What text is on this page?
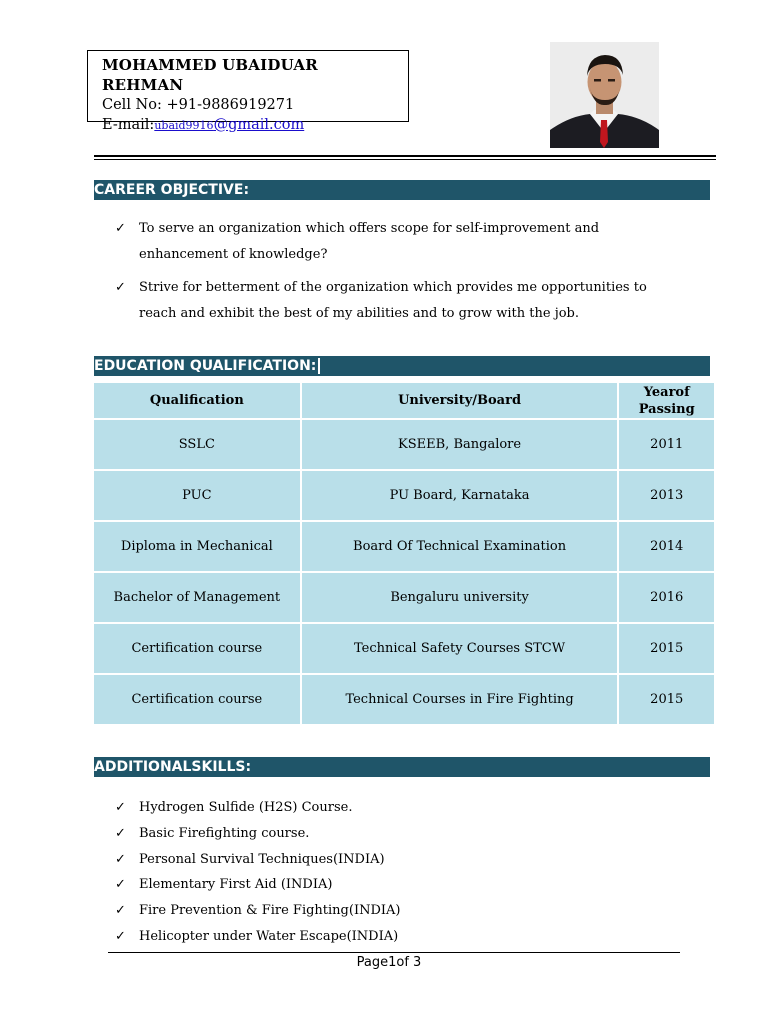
MOHAMMED UBAIDUAR REHMAN
Cell No: +91-9886919271
E-mail:ubaid9916@gmail.com
CAREER OBJECTIVE:
✓ To serve an organization which offers scope for self-improvement and enhancement of knowledge?
✓ Strive for betterment of the organization which provides me opportunities to reach and exhibit the best of my abilities and to grow with the job.
EDUCATION QUALIFICATION:
Qualification	University/Board	Yearof
Passing
SSLC	KSEEB, Bangalore	2011
PUC	PU Board, Karnataka	2013
Diploma in Mechanical	Board Of Technical Examination	2014
Bachelor of Management	Bengaluru university	2016
Certification course	Technical Safety Courses STCW	2015
Certification course	Technical Courses in Fire Fighting	2015
ADDITIONALSKILLS:
✓ Hydrogen Sulfide (H2S) Course.
✓ Basic Firefighting course.
✓ Personal Survival Techniques(INDIA)
✓ Elementary First Aid (INDIA)
✓ Fire Prevention & Fire Fighting(INDIA)
✓ Helicopter under Water Escape(INDIA)
Page1of 3
